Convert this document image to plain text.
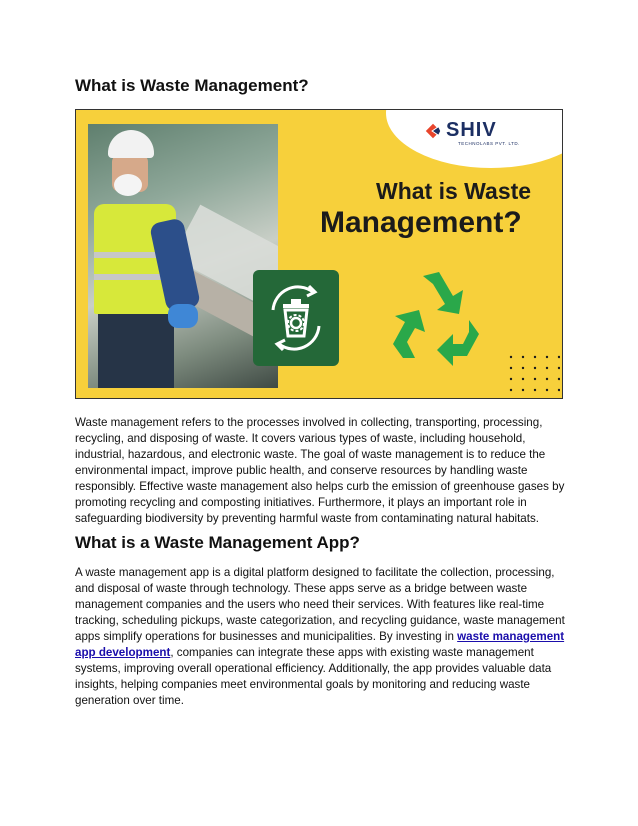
What is Waste Management?
SHIV
TECHNOLABS PVT. LTD.
What is Waste
Management?

Waste management refers to the processes involved in collecting, transporting, processing, recycling, and disposing of waste. It covers various types of waste, including household, industrial, hazardous, and electronic waste. The goal of waste management is to reduce the environmental impact, improve public health, and conserve resources by handling waste responsibly. Effective waste management also helps curb the emission of greenhouse gases by promoting recycling and composting initiatives. Furthermore, it plays an important role in safeguarding biodiversity by preventing harmful waste from contaminating natural habitats.

What is a Waste Management App?

A waste management app is a digital platform designed to facilitate the collection, processing, and disposal of waste through technology. These apps serve as a bridge between waste management companies and the users who need their services. With features like real-time tracking, scheduling pickups, waste categorization, and recycling guidance, waste management apps simplify operations for businesses and municipalities. By investing in waste management app development, companies can integrate these apps with existing waste management systems, improving overall operational efficiency. Additionally, the app provides valuable data insights, helping companies meet environmental goals by monitoring and reducing waste generation over time.
